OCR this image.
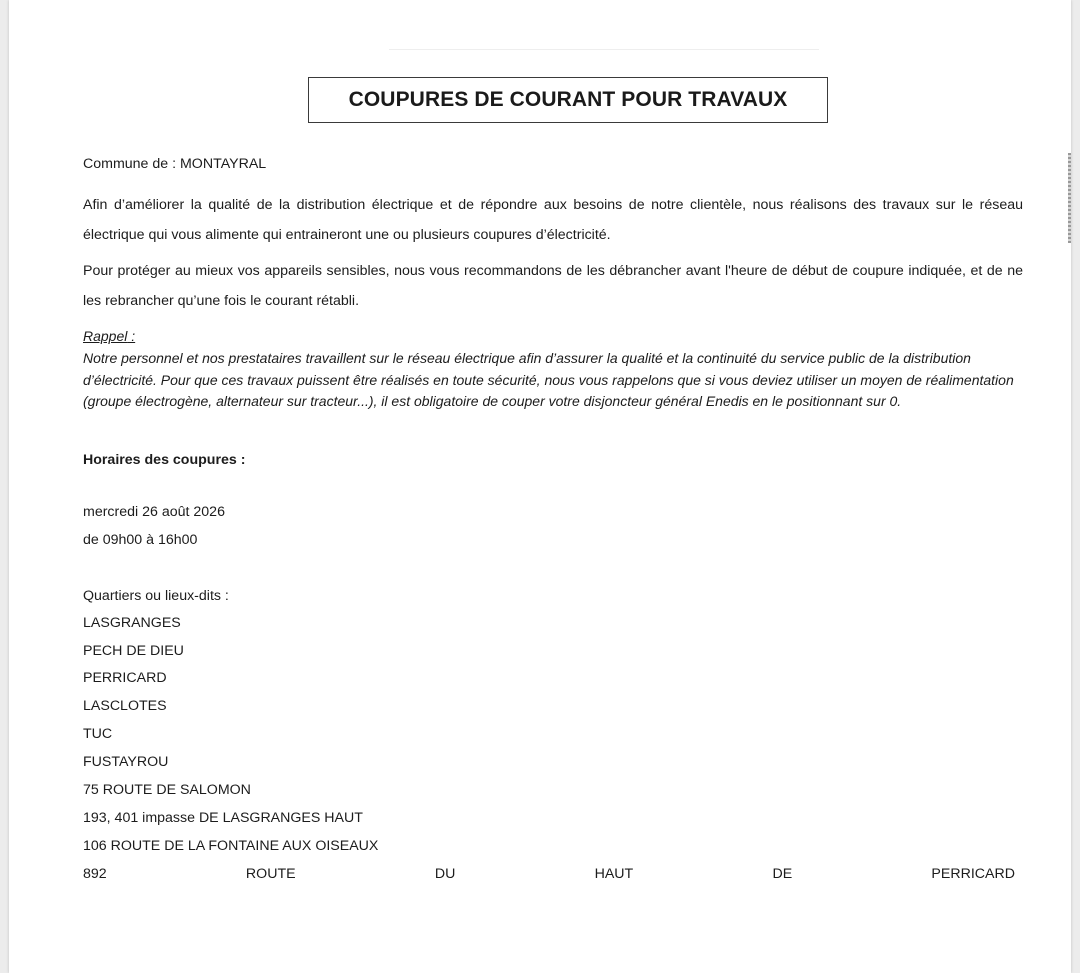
COUPURES DE COURANT POUR TRAVAUX
Commune de : MONTAYRAL
Afin d’améliorer la qualité de la distribution électrique et de répondre aux besoins de notre clientèle, nous réalisons des travaux sur le réseau électrique qui vous alimente qui entraineront une ou plusieurs coupures d’électricité.
Pour protéger au mieux vos appareils sensibles, nous vous recommandons de les débrancher avant l'heure de début de coupure indiquée, et de ne les rebrancher qu’une fois le courant rétabli.
Rappel :
Notre personnel et nos prestataires travaillent sur le réseau électrique afin d’assurer la qualité et la continuité du service public de la distribution d’électricité. Pour que ces travaux puissent être réalisés en toute sécurité, nous vous rappelons que si vous deviez utiliser un moyen de réalimentation (groupe électrogène, alternateur sur tracteur...), il est obligatoire de couper votre disjoncteur général Enedis en le positionnant sur 0.
Horaires des coupures :
mercredi 26 août 2026
de 09h00 à 16h00
Quartiers ou lieux-dits :
LASGRANGES
PECH DE DIEU
PERRICARD
LASCLOTES
TUC
FUSTAYROU
75 ROUTE DE SALOMON
193, 401 impasse DE LASGRANGES HAUT
106 ROUTE DE LA FONTAINE AUX OISEAUX
892	ROUTE	DU	HAUT	DE	PERRICARD
